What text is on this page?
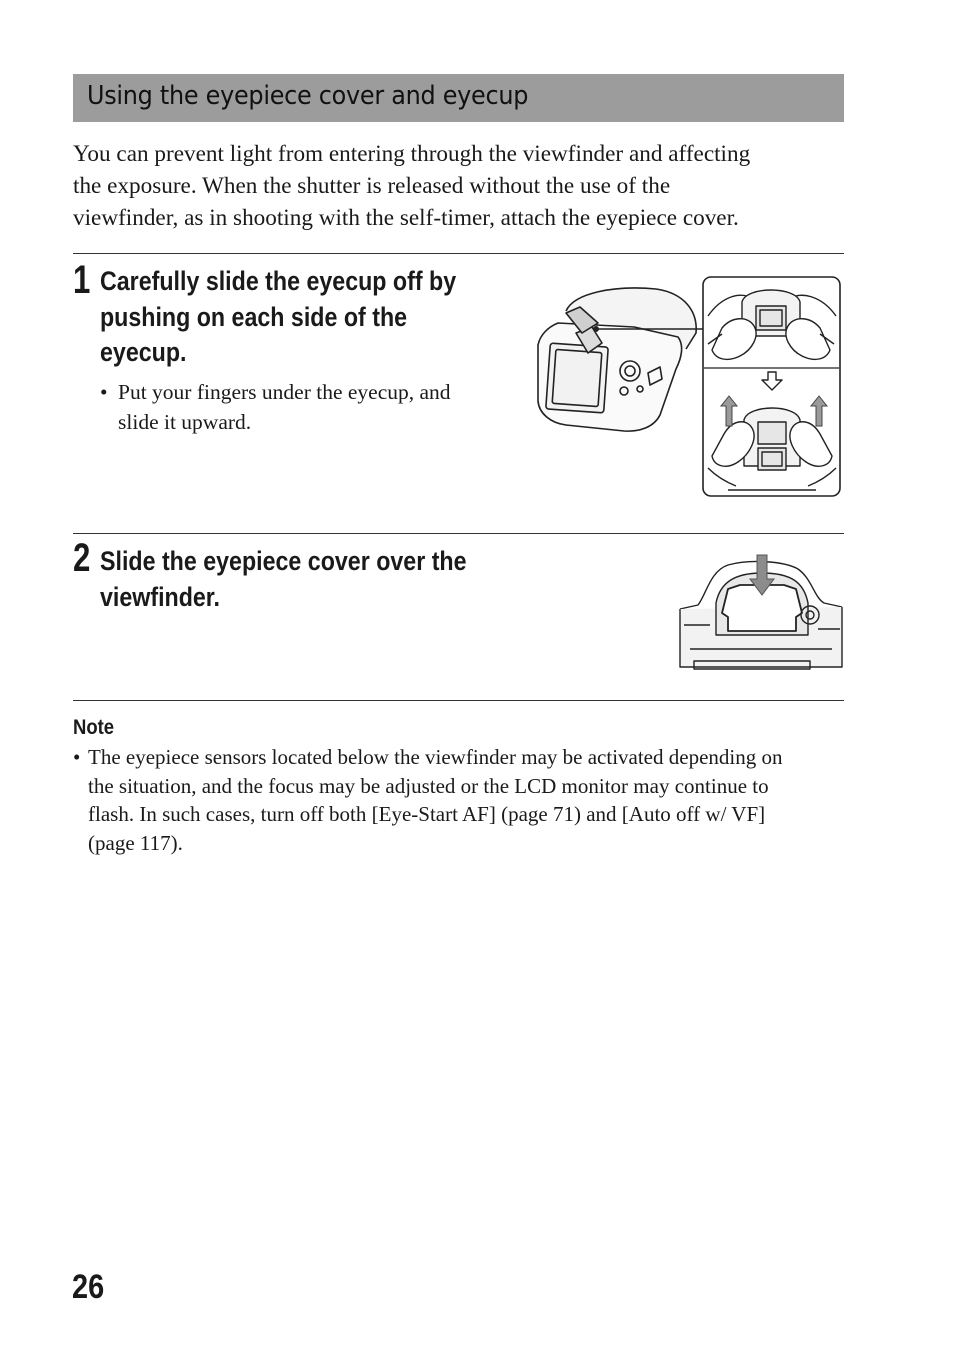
Using the eyepiece cover and eyecup

You can prevent light from entering through the viewfinder and affecting
the exposure. When the shutter is released without the use of the
viewfinder, as in shooting with the self-timer, attach the eyepiece cover.

1 Carefully slide the eyecup off by
pushing on each side of the
eyecup.

• Put your fingers under the eyecup, and
slide it upward.
2 Slide the eyepiece cover over the
viewfinder.

Note
• The eyepiece sensors located below the viewfinder may be activated depending on
the situation, and the focus may be adjusted or the LCD monitor may continue to
flash. In such cases, turn off both [Eye-Start AF] (page 71) and [Auto off w/ VF]
(page 117).
26
